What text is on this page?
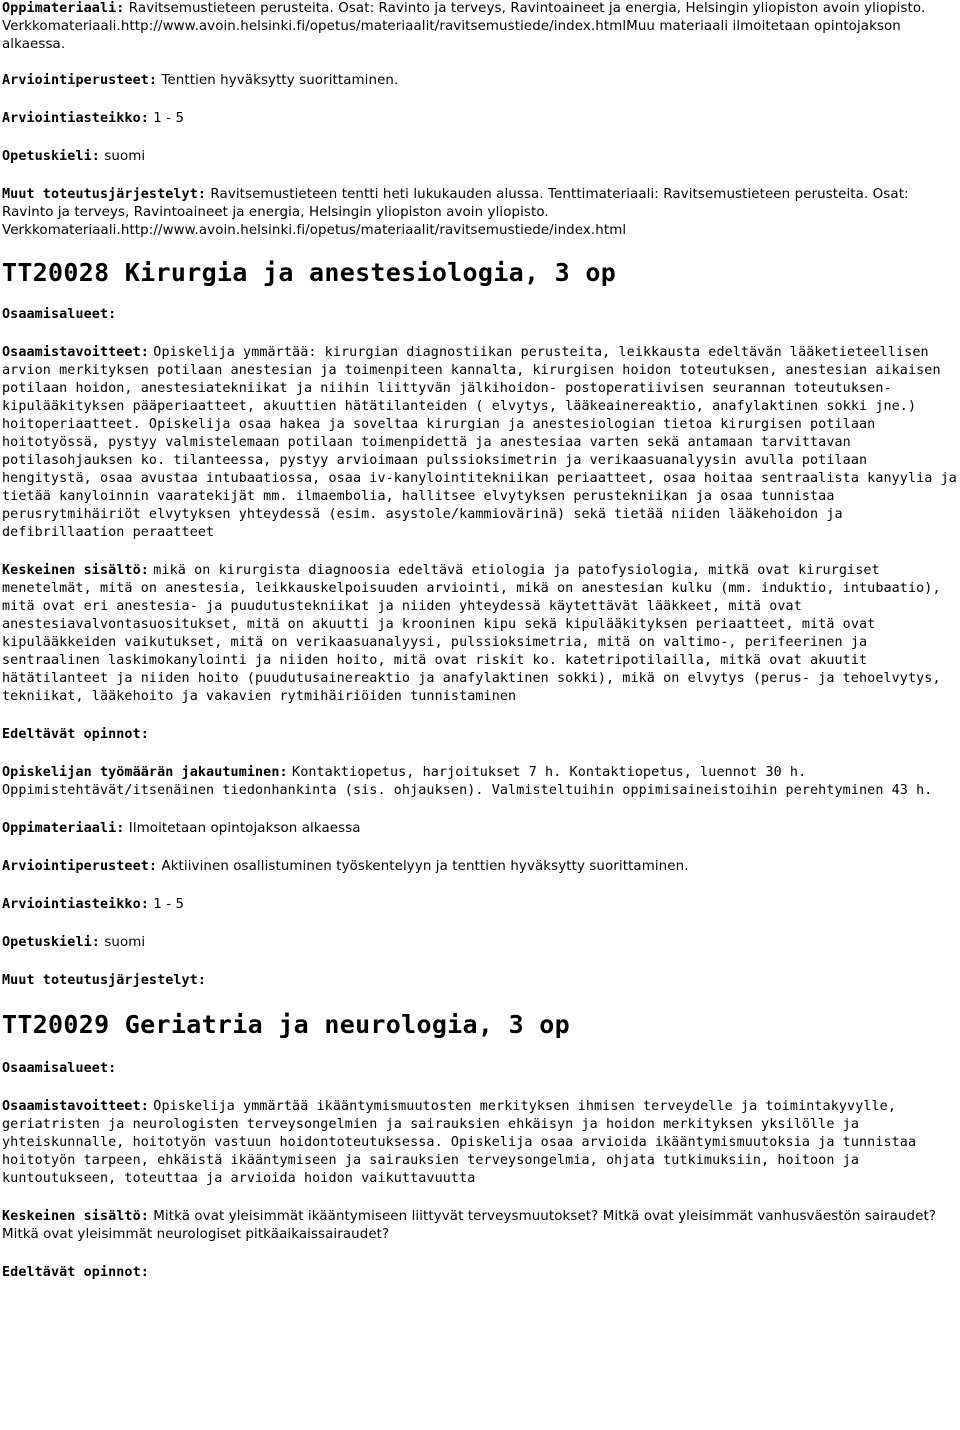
Oppimateriaali: Ravitsemustieteen perusteita. Osat: Ravinto ja terveys, Ravintoaineet ja energia, Helsingin yliopiston avoin yliopisto. Verkkomateriaali.http://www.avoin.helsinki.fi/opetus/materiaalit/ravitsemustiede/index.htmlMuu materiaali ilmoitetaan opintojakson alkaessa.

Arviointiperusteet: Tenttien hyväksytty suorittaminen.

Arviointiasteikko: 1 - 5

Opetuskieli: suomi

Muut toteutusjärjestelyt: Ravitsemustieteen tentti heti lukukauden alussa. Tenttimateriaali: Ravitsemustieteen perusteita. Osat: Ravinto ja terveys, Ravintoaineet ja energia, Helsingin yliopiston avoin yliopisto. Verkkomateriaali.http://www.avoin.helsinki.fi/opetus/materiaalit/ravitsemustiede/index.html

TT20028 Kirurgia ja anestesiologia, 3 op

Osaamisalueet:

Osaamistavoitteet: Opiskelija ymmärtää: kirurgian diagnostiikan perusteita, leikkausta edeltävän lääketieteellisen arvion merkityksen potilaan anestesian ja toimenpiteen kannalta, kirurgisen hoidon toteutuksen, anestesian aikaisen potilaan hoidon, anestesiatekniikat ja niihin liittyvän jälkihoidon- postoperatiivisen seurannan toteutuksen- kipulääkityksen pääperiaatteet, akuuttien hätätilanteiden ( elvytys, lääkeainereaktio, anafylaktinen sokki jne.) hoitoperiaatteet. Opiskelija osaa hakea ja soveltaa kirurgian ja anestesiologian tietoa kirurgisen potilaan hoitotyössä, pystyy valmistelemaan potilaan toimenpidettä ja anestesiaa varten sekä antamaan tarvittavan potilasohjauksen ko. tilanteessa, pystyy arvioimaan pulssioksimetrin ja verikaasuanalyysin avulla potilaan hengitystä, osaa avustaa intubaatiossa, osaa iv-kanylointitekniikan periaatteet, osaa hoitaa sentraalista kanyylia ja tietää kanyloinnin vaaratekijät mm. ilmaembolia, hallitsee elvytyksen perustekniikan ja osaa tunnistaa perusrytmihäiriöt elvytyksen yhteydessä (esim. asystole/kammiovärinä) sekä tietää niiden lääkehoidon ja defibrillaation peraatteet

Keskeinen sisältö: mikä on kirurgista diagnoosia edeltävä etiologia ja patofysiologia, mitkä ovat kirurgiset menetelmät, mitä on anestesia, leikkauskelpoisuuden arviointi, mikä on anestesian kulku (mm. induktio, intubaatio), mitä ovat eri anestesia- ja puudutustekniikat ja niiden yhteydessä käytettävät lääkkeet, mitä ovat anestesiavalvontasuositukset, mitä on akuutti ja krooninen kipu sekä kipulääkityksen periaatteet, mitä ovat kipulääkkeiden vaikutukset, mitä on verikaasuanalyysi, pulssioksimetria, mitä on valtimo-, perifeerinen ja sentraalinen laskimokanylointi ja niiden hoito, mitä ovat riskit ko. katetripotilailla, mitkä ovat akuutit hätätilanteet ja niiden hoito (puudutusainereaktio ja anafylaktinen sokki), mikä on elvytys (perus- ja tehoelvytys, tekniikat, lääkehoito ja vakavien rytmihäiriöiden tunnistaminen

Edeltävät opinnot:

Opiskelijan työmäärän jakautuminen: Kontaktiopetus, harjoitukset 7 h. Kontaktiopetus, luennot 30 h. Oppimistehtävät/itsenäinen tiedonhankinta (sis. ohjauksen). Valmisteltuihin oppimisaineistoihin perehtyminen 43 h.

Oppimateriaali: Ilmoitetaan opintojakson alkaessa

Arviointiperusteet: Aktiivinen osallistuminen työskentelyyn ja tenttien hyväksytty suorittaminen.

Arviointiasteikko: 1 - 5

Opetuskieli: suomi

Muut toteutusjärjestelyt:

TT20029 Geriatria ja neurologia, 3 op

Osaamisalueet:

Osaamistavoitteet: Opiskelija ymmärtää ikääntymismuutosten merkityksen ihmisen terveydelle ja toimintakyvylle, geriatristen ja neurologisten terveysongelmien ja sairauksien ehkäisyn ja hoidon merkityksen yksilölle ja yhteiskunnalle, hoitotyön vastuun hoidontoteutuksessa. Opiskelija osaa arvioida ikääntymismuutoksia ja tunnistaa hoitotyön tarpeen, ehkäistä ikääntymiseen ja sairauksien terveysongelmia, ohjata tutkimuksiin, hoitoon ja kuntoutukseen, toteuttaa ja arvioida hoidon vaikuttavuutta

Keskeinen sisältö: Mitkä ovat yleisimmät ikääntymiseen liittyvät terveysmuutokset? Mitkä ovat yleisimmät vanhusväestön sairaudet? Mitkä ovat yleisimmät neurologiset pitkäaikaissairaudet?

Edeltävät opinnot:
